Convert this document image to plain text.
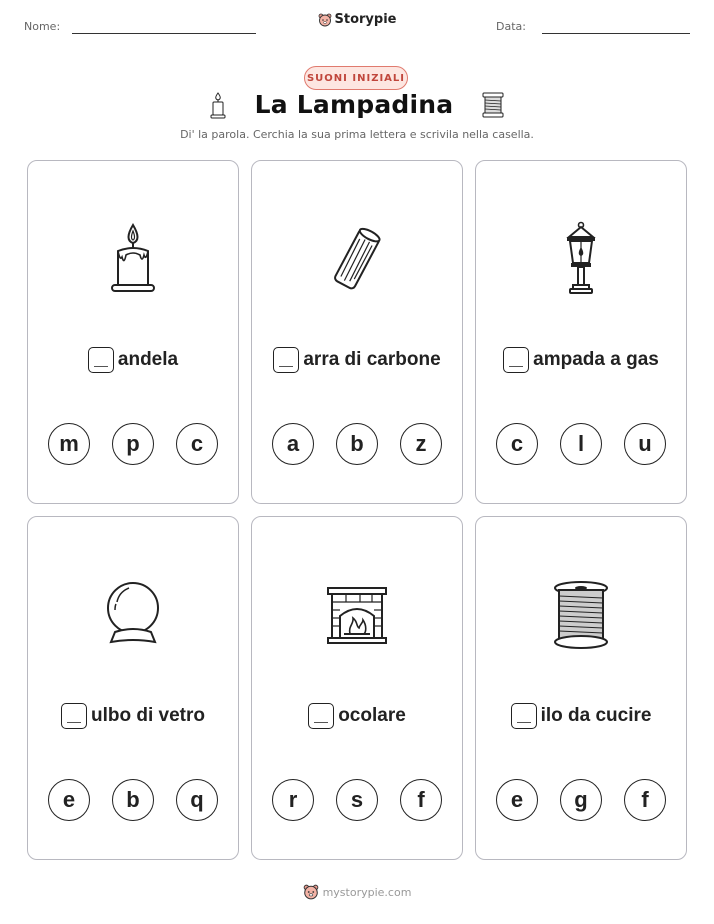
Nome:	Storypie	Data:
SUONI INIZIALI
La Lampadina
Di' la parola. Cerchia la sua prima lettera e scrivila nella casella.
andela
m	p	c
arra di carbone
a	b	z
ampada a gas
c	l	u
ulbo di vetro
e	b	q
ocolare
r	s	f
ilo da cucire
e	g	f
mystorypie.com
